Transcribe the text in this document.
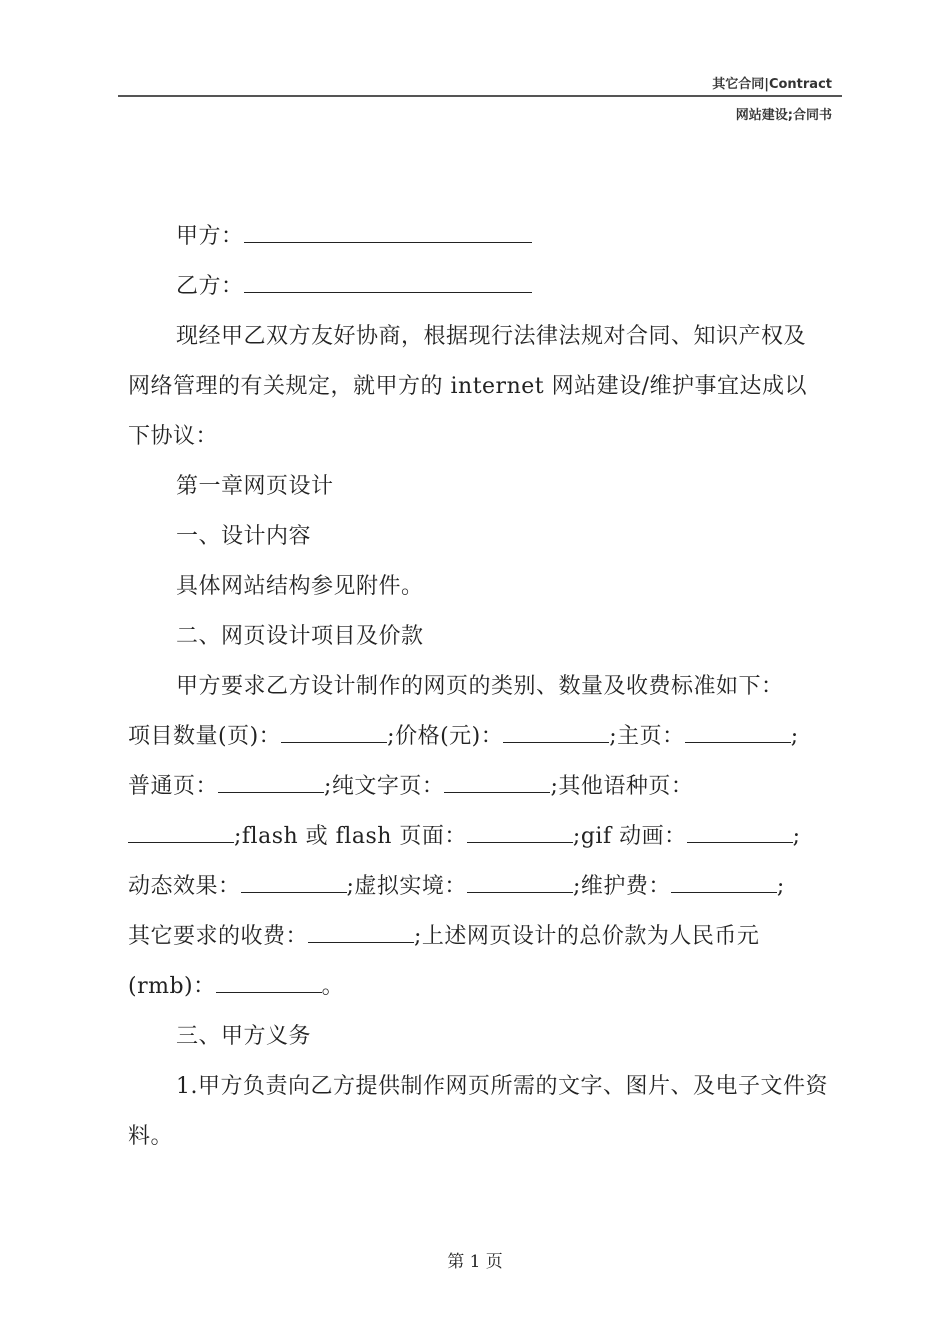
其它合同|Contract
网站建设;合同书

甲方：

乙方：

现经甲乙双方友好协商，根据现行法律法规对合同、知识产权及网络管理的有关规定，就甲方的 internet 网站建设/维护事宜达成以下协议：

第一章网页设计

一、设计内容

具体网站结构参见附件。

二、网页设计项目及价款

甲方要求乙方设计制作的网页的类别、数量及收费标准如下：

项目数量(页)：	;价格(元)：	;主页：	;
普通页：	;纯文字页：	;其他语种页：
;flash 或 flash 页面：	;gif 动画：	;
动态效果：	;虚拟实境：	;维护费：	;
其它要求的收费：	;上述网页设计的总价款为人民币元
(rmb)：	。

三、甲方义务

1.甲方负责向乙方提供制作网页所需的文字、图片、及电子文件资料。

第 1 页
